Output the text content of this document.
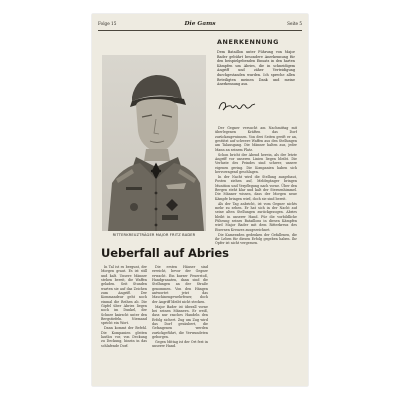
Folge 15	Die Gams	Seite 5
RITTERKREUZTRÄGER MAJOR FRITZ BADER
ANERKENNUNG
Dem Bataillon unter Führung von Major Bader gebührt besondere Anerkennung für den beispielgebenden Einsatz in den harten Kämpfen um Abries, die in schneidigem Angriff und zäher Verteidigung durchgestanden wurden. Ich spreche allen Beteiligten meinen Dank und meine Anerkennung aus.
Ueberfall auf Abries

In Tal ist es bergunt, der Morgen graut. Es ist still und kalt. Unsere Männer stehen bereit, die Waffen geladen. Seit Stunden warten sie auf das Zeichen zum Angriff. Der Kommandeur geht noch einmal die Reihen ab. Die Gipfel über Abries liegen noch im Dunkel, der Schnee knirscht unter den Bergstiefeln. Niemand spricht ein Wort.

Dann kommt der Befehl. Die Kompanien gleiten lautlos vor, von Deckung zu Deckung, hinein in das schlafende Dorf.

Die ersten Häuser sind erreicht, bevor der Gegner erwacht. Ein kurzer Feuerstoß, Handgranaten, dann sind die Stellungen an der Straße genommen. Von den Hängen antwortet jetzt das Maschinengewehrfeuer, doch der Angriff bleibt nicht stecken.

Major Bader ist überall vorne bei seinen Männern. Er weiß, dass nur rasches Handeln den Erfolg sichert. Zug um Zug wird das Dorf gesäubert, die Gefangenen werden zurückgeführt, die Verwundeten geborgen.

Gegen Mittag ist der Ort fest in unserer Hand.

Der Gegner versucht am Nachmittag mit überlegenen Kräften das Dorf zurückzugewinnen. Von drei Seiten greift er an, gestützt auf schwere Waffen aus den Stellungen am Talausgang. Die Männer halten aus, jeder Mann an seinem Platz.

Schon bricht der Abend herein, als der letzte Angriff vor unseren Linien liegen bleibt. Die Verluste des Feindes sind schwer, unsere eigenen gering. Die Kompanien haben sich hervorragend geschlagen.

In der Nacht wird die Stellung ausgebaut, Posten ziehen auf, Meldegänger bringen Munition und Verpflegung nach vorne. Über den Bergen steht klar und kalt der Sternenhimmel. Die Männer wissen, dass der Morgen neue Kämpfe bringen wird, doch sie sind bereit.

Als der Tag anbricht, ist vom Gegner nichts mehr zu sehen. Er hat sich in der Nacht auf seine alten Stellungen zurückgezogen. Abries bleibt in unserer Hand. Für die vorbildliche Führung seines Bataillons in diesen Kämpfen wird Major Bader mit dem Ritterkreuz des Eisernen Kreuzes ausgezeichnet.

Die Kameraden gedenken der Gefallenen, die ihr Leben für diesen Erfolg gegeben haben. Ihr Opfer ist nicht vergessen.
